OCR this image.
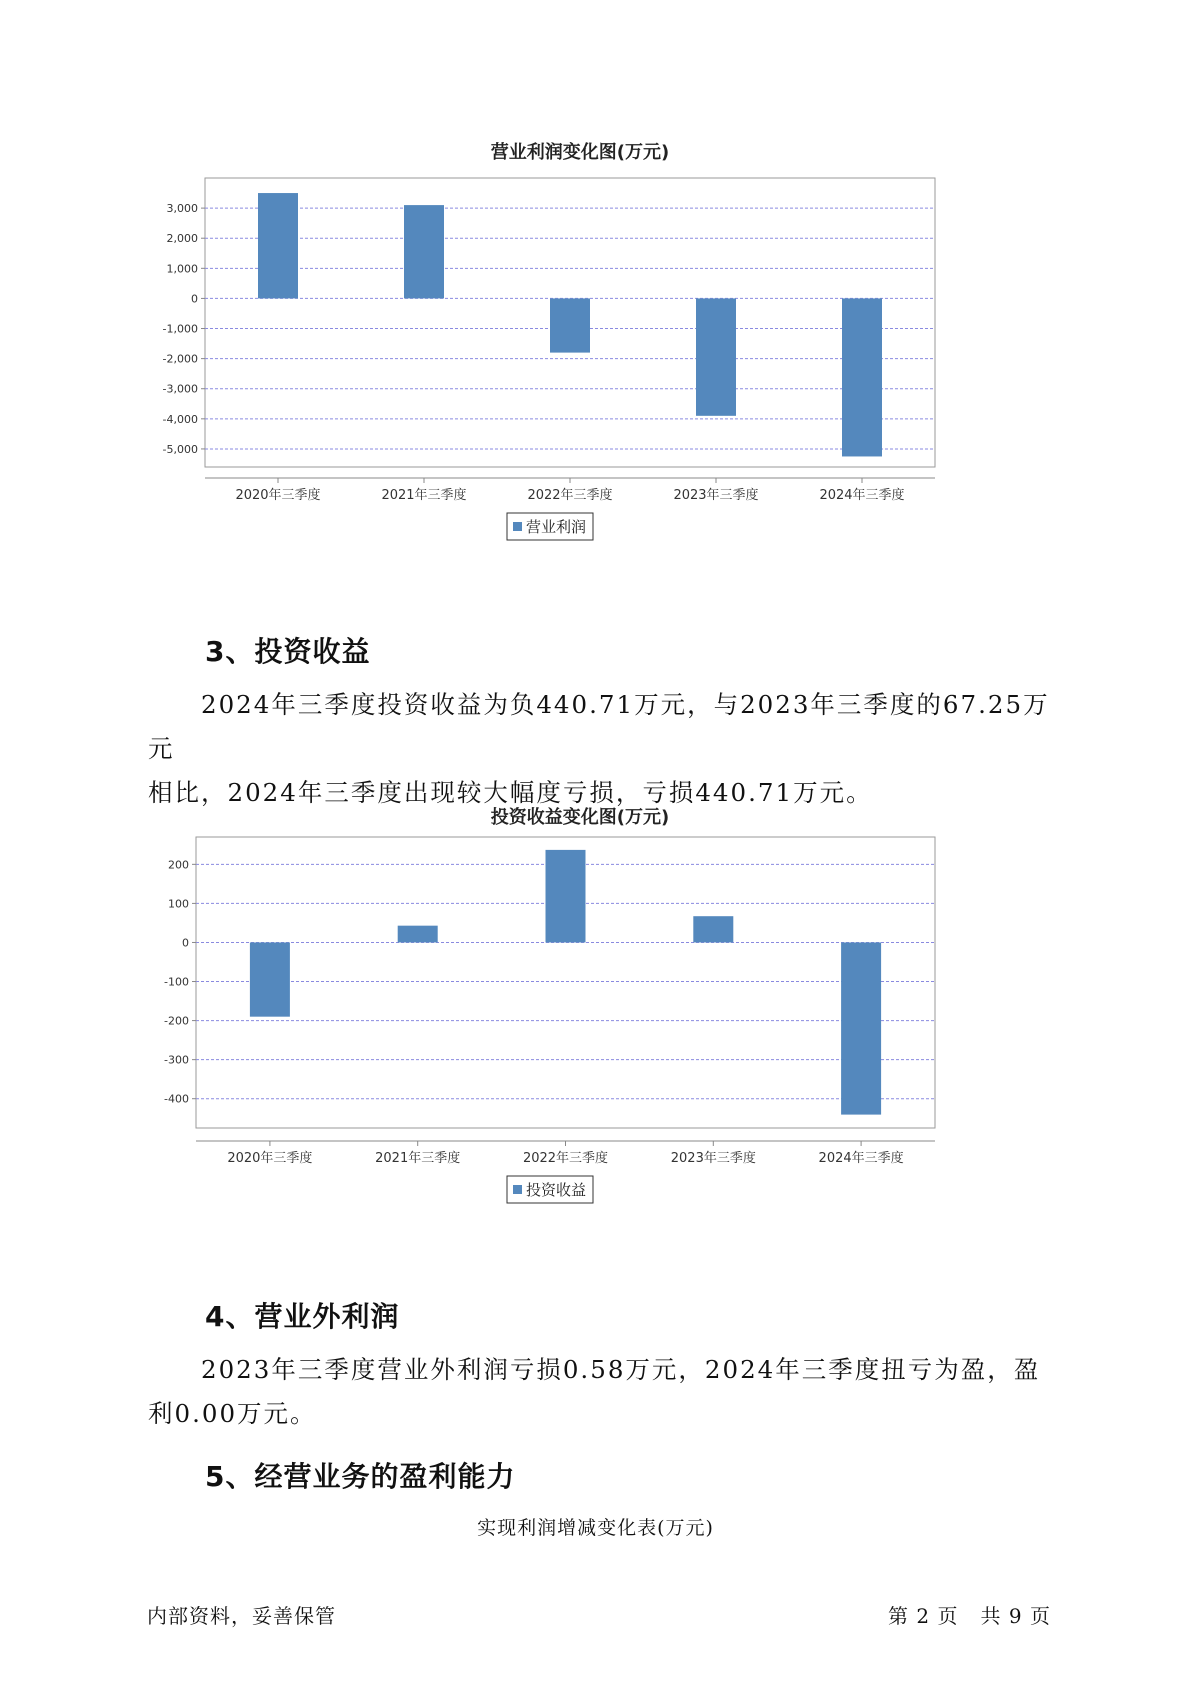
营业利润变化图(万元)
3,000
2,000
1,000
0
-1,000
-2,000
-3,000
-4,000
-5,000
2020年三季度	2021年三季度	2022年三季度	2023年三季度	2024年三季度
营业利润
3、投资收益

2024年三季度投资收益为负440.71万元，与2023年三季度的67.25万元
相比，2024年三季度出现较大幅度亏损，亏损440.71万元。

投资收益变化图(万元)
200
100
0
-100
-200
-300
-400
2020年三季度	2021年三季度	2022年三季度	2023年三季度	2024年三季度
投资收益
4、营业外利润

2023年三季度营业外利润亏损0.58万元，2024年三季度扭亏为盈，盈
利0.00万元。

5、经营业务的盈利能力
实现利润增减变化表(万元)
内部资料，妥善保管	第 2 页   共 9 页
